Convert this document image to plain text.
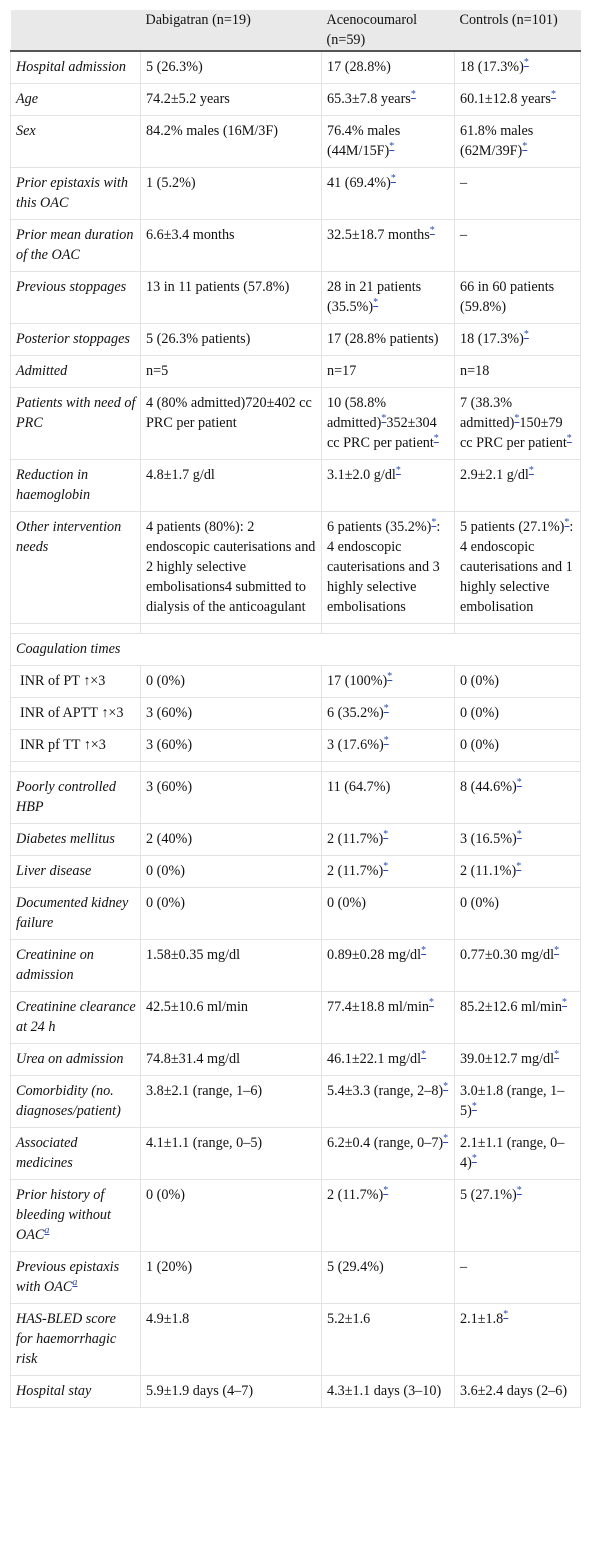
	Dabigatran (n=19)	Acenocoumarol (n=59)	Controls (n=101)
Hospital admission	5 (26.3%)	17 (28.8%)	18 (17.3%)*
Age	74.2±5.2 years	65.3±7.8 years*	60.1±12.8 years*
Sex	84.2% males (16M/3F)	76.4% males (44M/15F)*	61.8% males (62M/39F)*
Prior epistaxis with this OAC	1 (5.2%)	41 (69.4%)*	–
Prior mean duration of the OAC	6.6±3.4 months	32.5±18.7 months*	–
Previous stoppages	13 in 11 patients (57.8%)	28 in 21 patients (35.5%)*	66 in 60 patients (59.8%)
Posterior stoppages	5 (26.3% patients)	17 (28.8% patients)	18 (17.3%)*
Admitted	n=5	n=17	n=18
Patients with need of PRC	4 (80% admitted)720±402 cc PRC per patient	10 (58.8% admitted)*352±304 cc PRC per patient*	7 (38.3% admitted)*150±79 cc PRC per patient*
Reduction in haemoglobin	4.8±1.7 g/dl	3.1±2.0 g/dl*	2.9±2.1 g/dl*
Other intervention needs	4 patients (80%): 2 endoscopic cauterisations and 2 highly selective embolisations4 submitted to dialysis of the anticoagulant	6 patients (35.2%)*: 4 endoscopic cauterisations and 3 highly selective embolisations	5 patients (27.1%)*: 4 endoscopic cauterisations and 1 highly selective embolisation

Coagulation times			
INR of PT ↑×3	0 (0%)	17 (100%)*	0 (0%)
INR of APTT ↑×3	3 (60%)	6 (35.2%)*	0 (0%)
INR pf TT ↑×3	3 (60%)	3 (17.6%)*	0 (0%)

Poorly controlled HBP	3 (60%)	11 (64.7%)	8 (44.6%)*
Diabetes mellitus	2 (40%)	2 (11.7%)*	3 (16.5%)*
Liver disease	0 (0%)	2 (11.7%)*	2 (11.1%)*
Documented kidney failure	0 (0%)	0 (0%)	0 (0%)
Creatinine on admission	1.58±0.35 mg/dl	0.89±0.28 mg/dl*	0.77±0.30 mg/dl*
Creatinine clearance at 24 h	42.5±10.6 ml/min	77.4±18.8 ml/min*	85.2±12.6 ml/min*
Urea on admission	74.8±31.4 mg/dl	46.1±22.1 mg/dl*	39.0±12.7 mg/dl*
Comorbidity (no. diagnoses/patient)	3.8±2.1 (range, 1–6)	5.4±3.3 (range, 2–8)*	3.0±1.8 (range, 1–5)*
Associated medicines	4.1±1.1 (range, 0–5)	6.2±0.4 (range, 0–7)*	2.1±1.1 (range, 0–4)*
Prior history of bleeding without OAC$^a$	0 (0%)	2 (11.7%)*	5 (27.1%)*
Previous epistaxis with OAC$^a$	1 (20%)	5 (29.4%)	–
HAS-BLED score for haemorrhagic risk	4.9±1.8	5.2±1.6	2.1±1.8*
Hospital stay	5.9±1.9 days (4–7)	4.3±1.1 days (3–10)	3.6±2.4 days (2–6)
